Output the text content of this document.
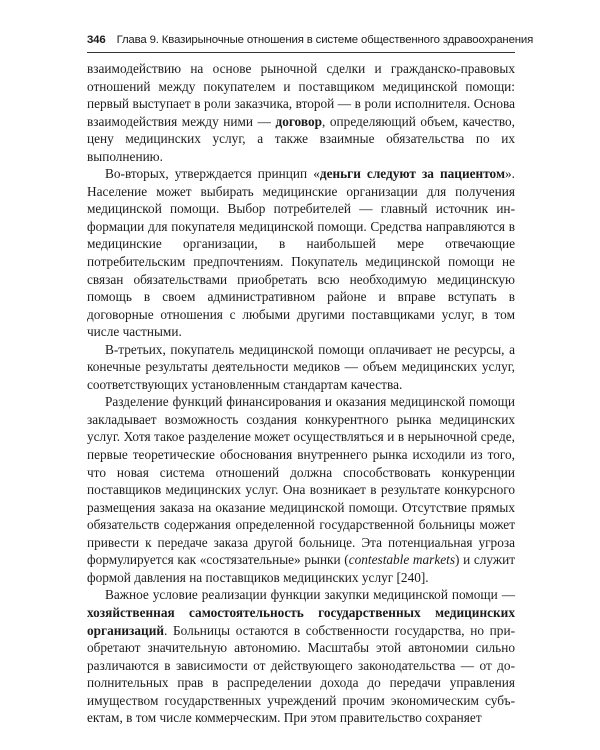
346 Глава 9. Квазирыночные отношения в системе общественного здравоохранения

взаимодействию на основе рыночной сделки и гражданско-правовых отношений между покупателем и поставщиком медицинской помощи: первый выступает в роли заказчика, второй — в роли исполнителя. Основа взаимодействия между ними — договор, определяющий объем, качество, цену медицинских услуг, а также взаимные обязательства по их выполнению.

Во-вторых, утверждается принцип «деньги следуют за пациентом». Население может выбирать медицинские организации для получения медицинской помощи. Выбор потребителей — главный источник информации для покупателя медицинской помощи. Средства направляются в медицинские организации, в наибольшей мере отвечающие потребительским предпочтениям. Покупатель медицинской помощи не связан обязательствами приобретать всю необходимую медицинскую помощь в своем административном районе и вправе вступать в договорные отношения с любыми другими поставщиками услуг, в том числе частными.

В-третьих, покупатель медицинской помощи оплачивает не ресурсы, а конечные результаты деятельности медиков — объем медицинских услуг, соответствующих установленным стандартам качества.

Разделение функций финансирования и оказания медицинской помощи закладывает возможность создания конкурентного рынка медицинских услуг. Хотя такое разделение может осуществляться и в нерыночной среде, первые теоретические обоснования внутреннего рынка исходили из того, что новая система отношений должна способствовать конкуренции поставщиков медицинских услуг. Она возникает в результате конкурсного размещения заказа на оказание медицинской помощи. Отсутствие прямых обязательств содержания определенной государственной больницы может привести к передаче заказа другой больнице. Эта потенциальная угроза формулируется как «состязательные» рынки (contestable markets) и служит формой давления на поставщиков медицинских услуг [240].

Важное условие реализации функции закупки медицинской помощи — хозяйственная самостоятельность государственных медицинских организаций. Больницы остаются в собственности государства, но приобретают значительную автономию. Масштабы этой автономии сильно различаются в зависимости от действующего законодательства — от дополнительных прав в распределении дохода до передачи управления имуществом государственных учреждений прочим экономическим субъектам, в том числе коммерческим. При этом правительство сохраняет
